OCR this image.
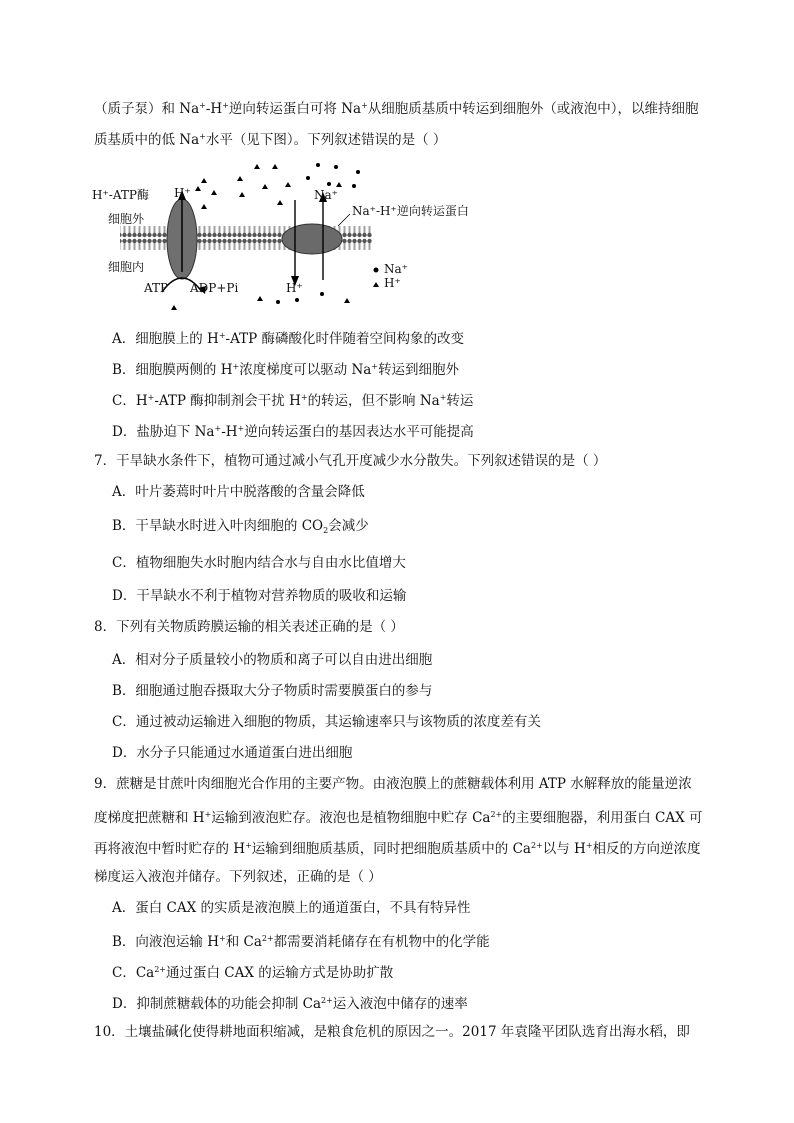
（质子泵）和 Na+-H+逆向转运蛋白可将 Na+从细胞质基质中转运到细胞外（或液泡中），以维持细胞
质基质中的低 Na+水平（见下图）。下列叙述错误的是（ ）
H⁺-ATP酶
细胞外
细胞内
H⁺	Na⁺
Na⁺-H⁺逆向转运蛋白
ATP ADP+Pi	H⁺
Na⁺
H⁺
A．细胞膜上的 H+-ATP 酶磷酸化时伴随着空间构象的改变
B．细胞膜两侧的 H+浓度梯度可以驱动 Na+转运到细胞外
C．H+-ATP 酶抑制剂会干扰 H+的转运，但不影响 Na+转运
D．盐胁迫下 Na+-H+逆向转运蛋白的基因表达水平可能提高
7．干旱缺水条件下，植物可通过减小气孔开度减少水分散失。下列叙述错误的是（ ）
A．叶片萎蔫时叶片中脱落酸的含量会降低
B．干旱缺水时进入叶肉细胞的 $CO_2$会减少
C．植物细胞失水时胞内结合水与自由水比值增大
D．干旱缺水不利于植物对营养物质的吸收和运输
8．下列有关物质跨膜运输的相关表述正确的是（ ）
A．相对分子质量较小的物质和离子可以自由进出细胞
B．细胞通过胞吞摄取大分子物质时需要膜蛋白的参与
C．通过被动运输进入细胞的物质，其运输速率只与该物质的浓度差有关
D．水分子只能通过水通道蛋白进出细胞
9．蔗糖是甘蔗叶肉细胞光合作用的主要产物。由液泡膜上的蔗糖载体利用 ATP 水解释放的能量逆浓
度梯度把蔗糖和 H+运输到液泡贮存。液泡也是植物细胞中贮存 $Ca^{2+}$的主要细胞器，利用蛋白 CAX 可
再将液泡中暂时贮存的 H+运输到细胞质基质，同时把细胞质基质中的 $Ca^{2+}$以与 H+相反的方向逆浓度
梯度运入液泡并储存。下列叙述，正确的是（ ）
A．蛋白 CAX 的实质是液泡膜上的通道蛋白，不具有特异性
B．向液泡运输 H+和 $Ca^{2+}$都需要消耗储存在有机物中的化学能
C．$Ca^{2+}$通过蛋白 CAX 的运输方式是协助扩散
D．抑制蔗糖载体的功能会抑制 $Ca^{2+}$运入液泡中储存的速率
10．土壤盐碱化使得耕地面积缩减，是粮食危机的原因之一。2017 年袁隆平团队选育出海水稻，即
